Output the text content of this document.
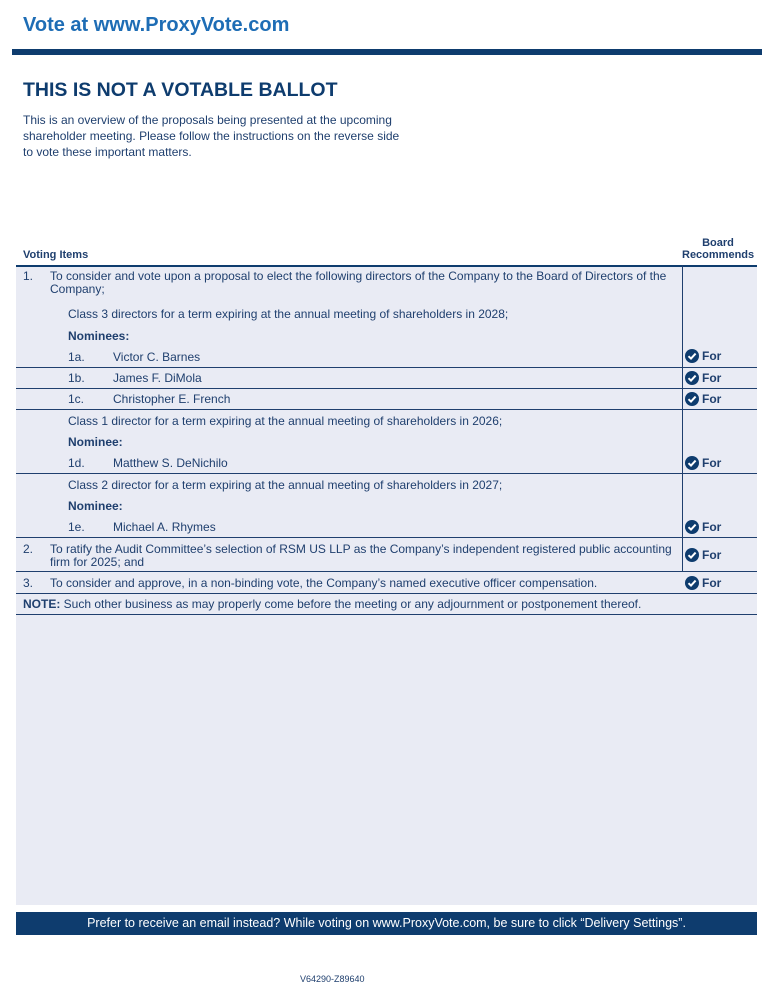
Vote at www.ProxyVote.com
THIS IS NOT A VOTABLE BALLOT
This is an overview of the proposals being presented at the upcoming shareholder meeting. Please follow the instructions on the reverse side to vote these important matters.
Voting Items
Board
Recommends
1. To consider and vote upon a proposal to elect the following directors of the Company to the Board of Directors of the Company;
Class 3 directors for a term expiring at the annual meeting of shareholders in 2028;
Nominees:
1a. Victor C. Barnes	For
1b. James F. DiMola	For
1c. Christopher E. French	For
Class 1 director for a term expiring at the annual meeting of shareholders in 2026;
Nominee:
1d. Matthew S. DeNichilo	For
Class 2 director for a term expiring at the annual meeting of shareholders in 2027;
Nominee:
1e. Michael A. Rhymes	For
2. To ratify the Audit Committee’s selection of RSM US LLP as the Company’s independent registered public accounting firm for 2025; and	For
3. To consider and approve, in a non-binding vote, the Company’s named executive officer compensation.	For
NOTE: Such other business as may properly come before the meeting or any adjournment or postponement thereof.
Prefer to receive an email instead? While voting on www.ProxyVote.com, be sure to click “Delivery Settings”.
V64290-Z89640
